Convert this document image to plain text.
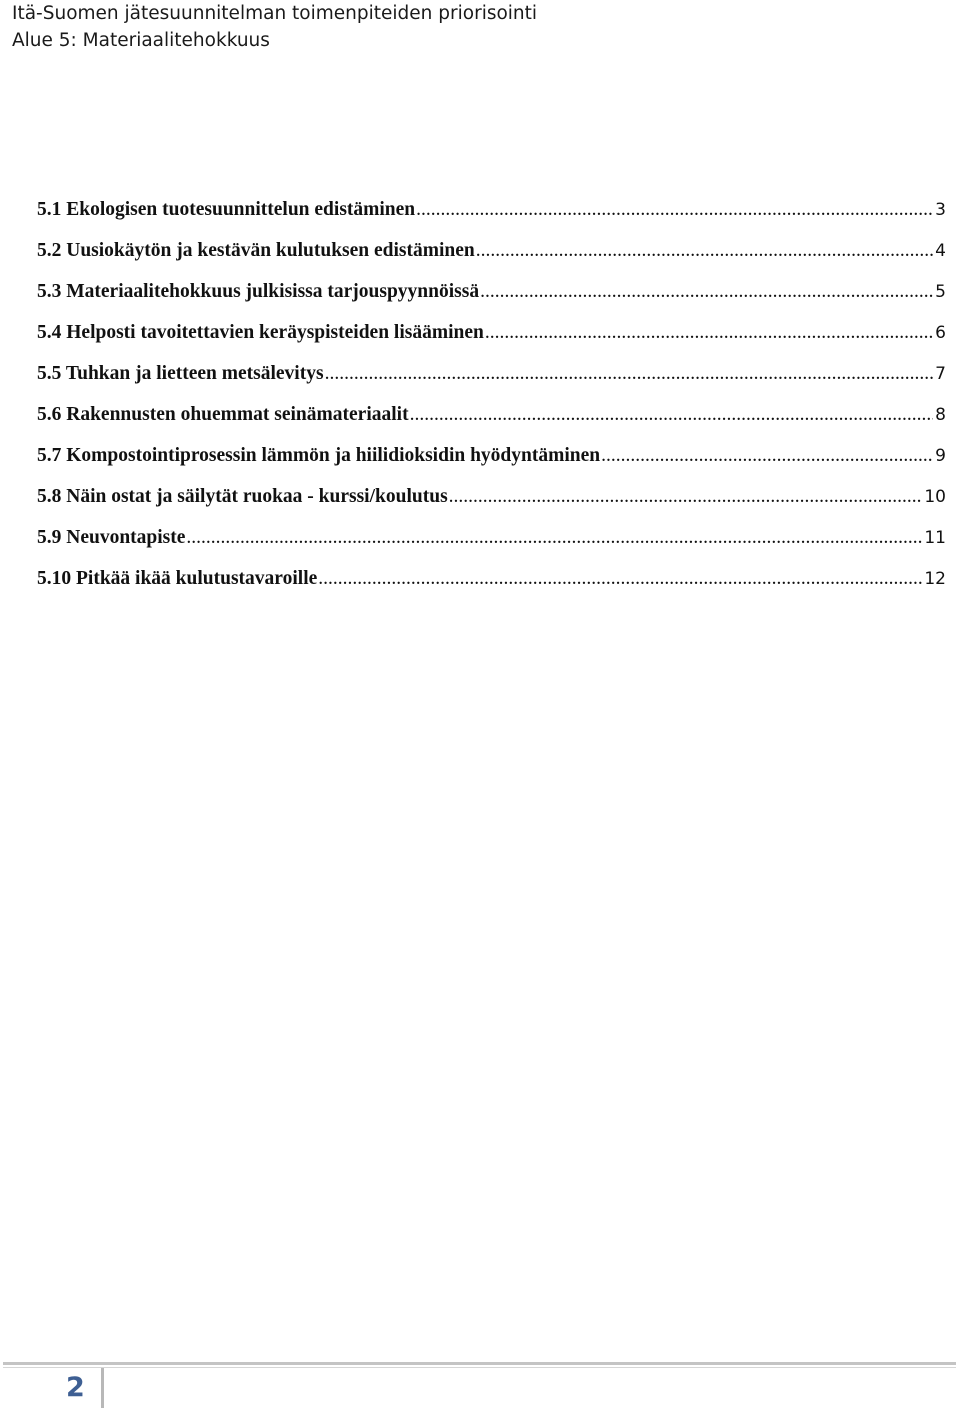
Itä-Suomen jätesuunnitelman toimenpiteiden priorisointi
Alue 5: Materiaalitehokkuus
5.1 Ekologisen tuotesuunnittelun edistäminen .....	3
5.2 Uusiokäytön ja kestävän kulutuksen edistäminen .....	4
5.3 Materiaalitehokkuus julkisissa tarjouspyynnöissä .....	5
5.4 Helposti tavoitettavien keräyspisteiden lisääminen .....	6
5.5 Tuhkan ja lietteen metsälevitys .....	7
5.6 Rakennusten ohuemmat seinämateriaalit .....	8
5.7 Kompostointiprosessin lämmön ja hiilidioksidin hyödyntäminen .....	9
5.8 Näin ostat ja säilytät ruokaa - kurssi/koulutus .....	10
5.9 Neuvontapiste .....	11
5.10 Pitkää ikää kulutustavaroille .....	12
2
